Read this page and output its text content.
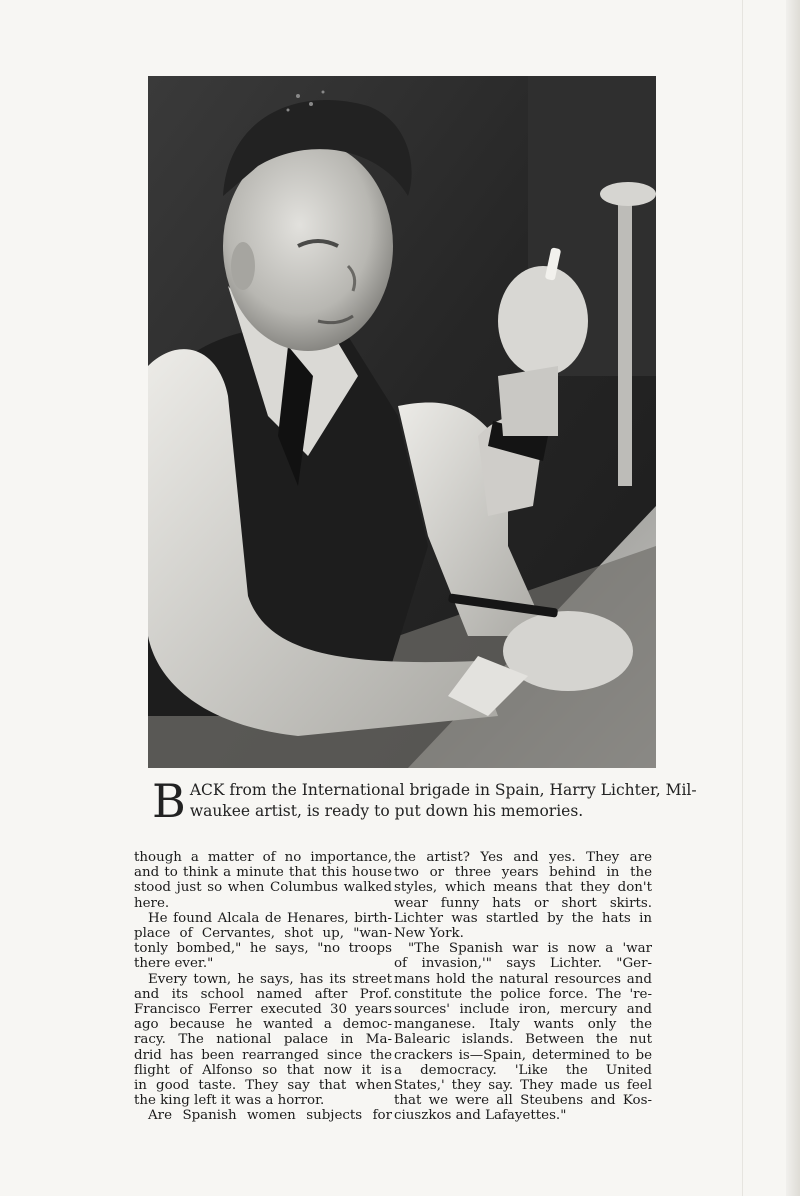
B ACK from the International brigade in Spain, Harry Lichter, Mil-
waukee artist, is ready to put down his memories.
though a matter of no importance,
and to think a minute that this house
stood just so when Columbus walked
here.
He found Alcala de Henares, birth-
place of Cervantes, shot up, "wan-
tonly bombed," he says, "no troops
there ever."
Every town, he says, has its street
and its school named after Prof.
Francisco Ferrer executed 30 years
ago because he wanted a democ-
racy. The national palace in Ma-
drid has been rearranged since the
flight of Alfonso so that now it is
in good taste. They say that when
the king left it was a horror.
Are Spanish women subjects for
the artist? Yes and yes. They are
two or three years behind in the
styles, which means that they don't
wear funny hats or short skirts.
Lichter was startled by the hats in
New York.
"The Spanish war is now a 'war
of invasion,'" says Lichter. "Ger-
mans hold the natural resources and
constitute the police force. The 're-
sources' include iron, mercury and
manganese. Italy wants only the
Balearic islands. Between the nut
crackers is—Spain, determined to be
a democracy. 'Like the United
States,' they say. They made us feel
that we were all Steubens and Kos-
ciuszkos and Lafayettes."
